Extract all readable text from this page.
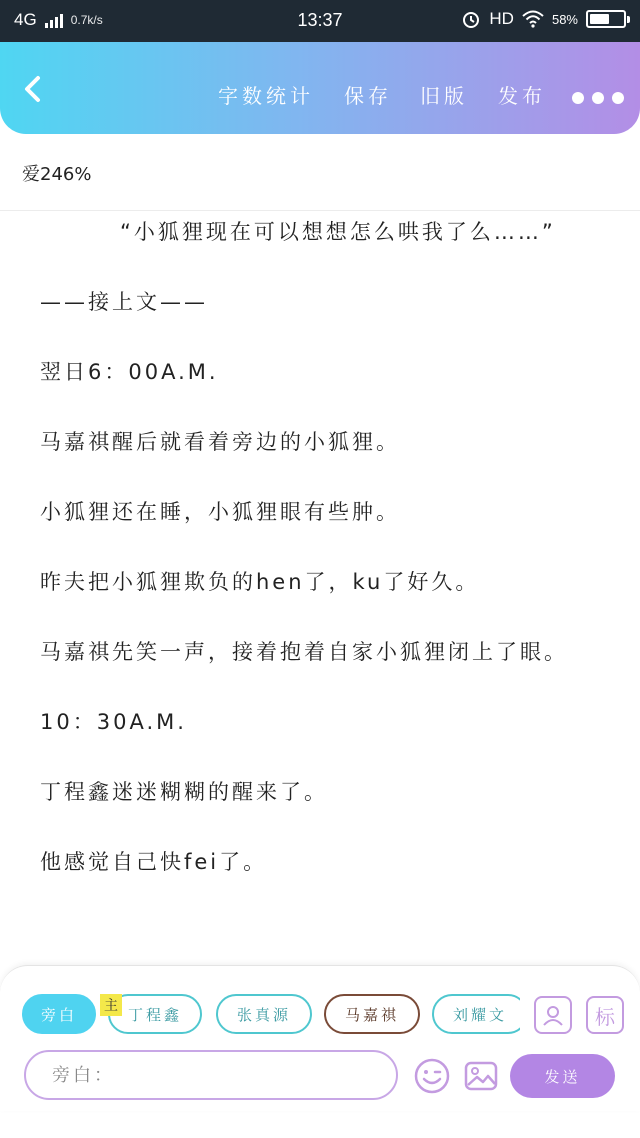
4G	0.7k/s	13:37	HD	58%
字数统计 保存 旧版 发布
爱246%

“小狐狸现在可以想想怎么哄我了么……”

——接上文——

翌日6：00A.M.

马嘉祺醒后就看着旁边的小狐狸。

小狐狸还在睡，小狐狸眼有些肿。

昨夫把小狐狸欺负的hen了，ku了好久。

马嘉祺先笑一声，接着抱着自家小狐狸闭上了眼。

10：30A.M.

丁程鑫迷迷糊糊的醒来了。

他感觉自己快fei了。

旁白	丁程鑫
主	张真源	马嘉祺	刘耀文	标
旁白：
发送
